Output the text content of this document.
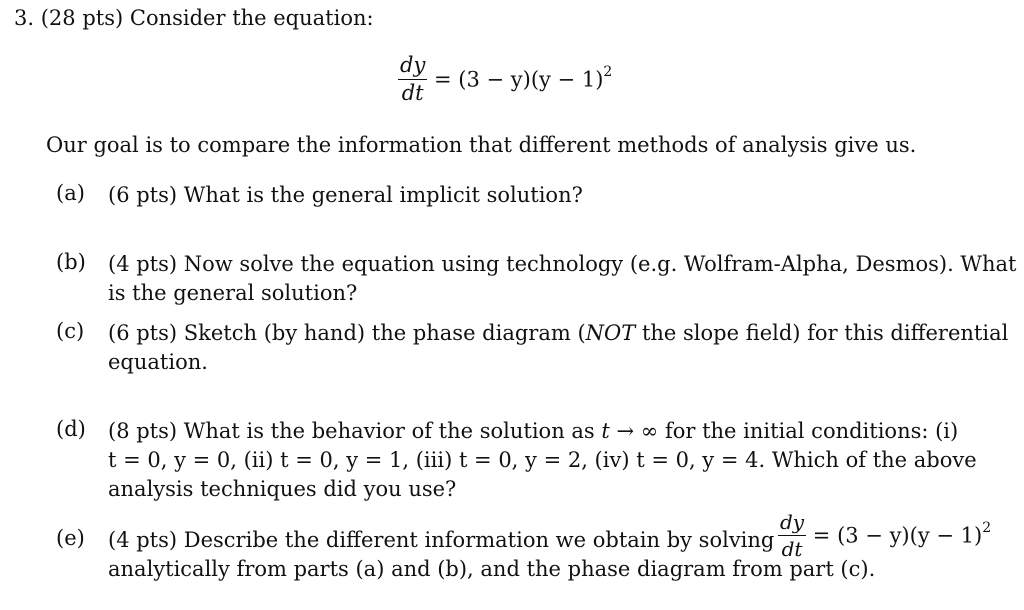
3. (28 pts) Consider the equation:
$\frac{dy}{dt} = (3 - y)(y - 1)^2$
Our goal is to compare the information that different methods of analysis give us.
(a) (6 pts) What is the general implicit solution?
(b) (4 pts) Now solve the equation using technology (e.g. Wolfram-Alpha, Desmos). What
is the general solution?
(c) (6 pts) Sketch (by hand) the phase diagram (NOT the slope field) for this differential
equation.
(d) (8 pts) What is the behavior of the solution as t → ∞ for the initial conditions: (i)
t = 0, y = 0, (ii) t = 0, y = 1, (iii) t = 0, y = 2, (iv) t = 0, y = 4. Which of the above
analysis techniques did you use?
(e) (4 pts) Describe the different information we obtain by solving
analytically from parts (a) and (b), and the phase diagram from part (c).
$\frac{dy}{dt} = (3 - y)(y - 1)^2$
